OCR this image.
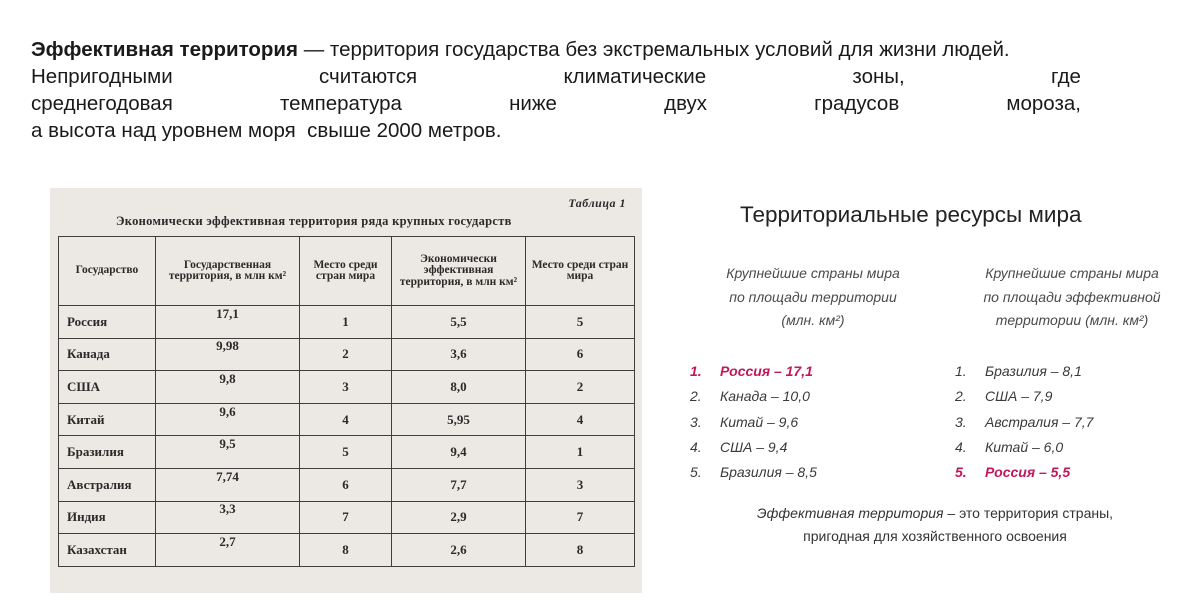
Эффективная территория — территория государства без экстремальных условий для жизни людей.
Непригодными	считаются	климатические	зоны,	где
среднегодовая	температура	ниже	двух	градусов	мороза,
а высота над уровнем моря  свыше 2000 метров.
Таблица 1
Экономически эффективная территория ряда крупных государств
Государство	Государственная территория, в млн км²	Место среди стран мира	Экономически эффективная территория, в млн км²	Место среди стран мира
Россия	17,1	1	5,5	5
Канада	9,98	2	3,6	6
США	9,8	3	8,0	2
Китай	9,6	4	5,95	4
Бразилия	9,5	5	9,4	1
Австралия	7,74	6	7,7	3
Индия	3,3	7	2,9	7
Казахстан	2,7	8	2,6	8
Территориальные ресурсы мира
Крупнейшие страны мира
по площади территории
(млн. км²)
Крупнейшие страны мира
по площади эффективной
территории (млн. км²)
1. Россия – 17,1
2. Канада – 10,0
3. Китай – 9,6
4. США – 9,4
5. Бразилия – 8,5
1. Бразилия – 8,1
2. США – 7,9
3. Австралия – 7,7
4. Китай – 6,0
5. Россия – 5,5
Эффективная территория – это территория страны,
пригодная для хозяйственного освоения
